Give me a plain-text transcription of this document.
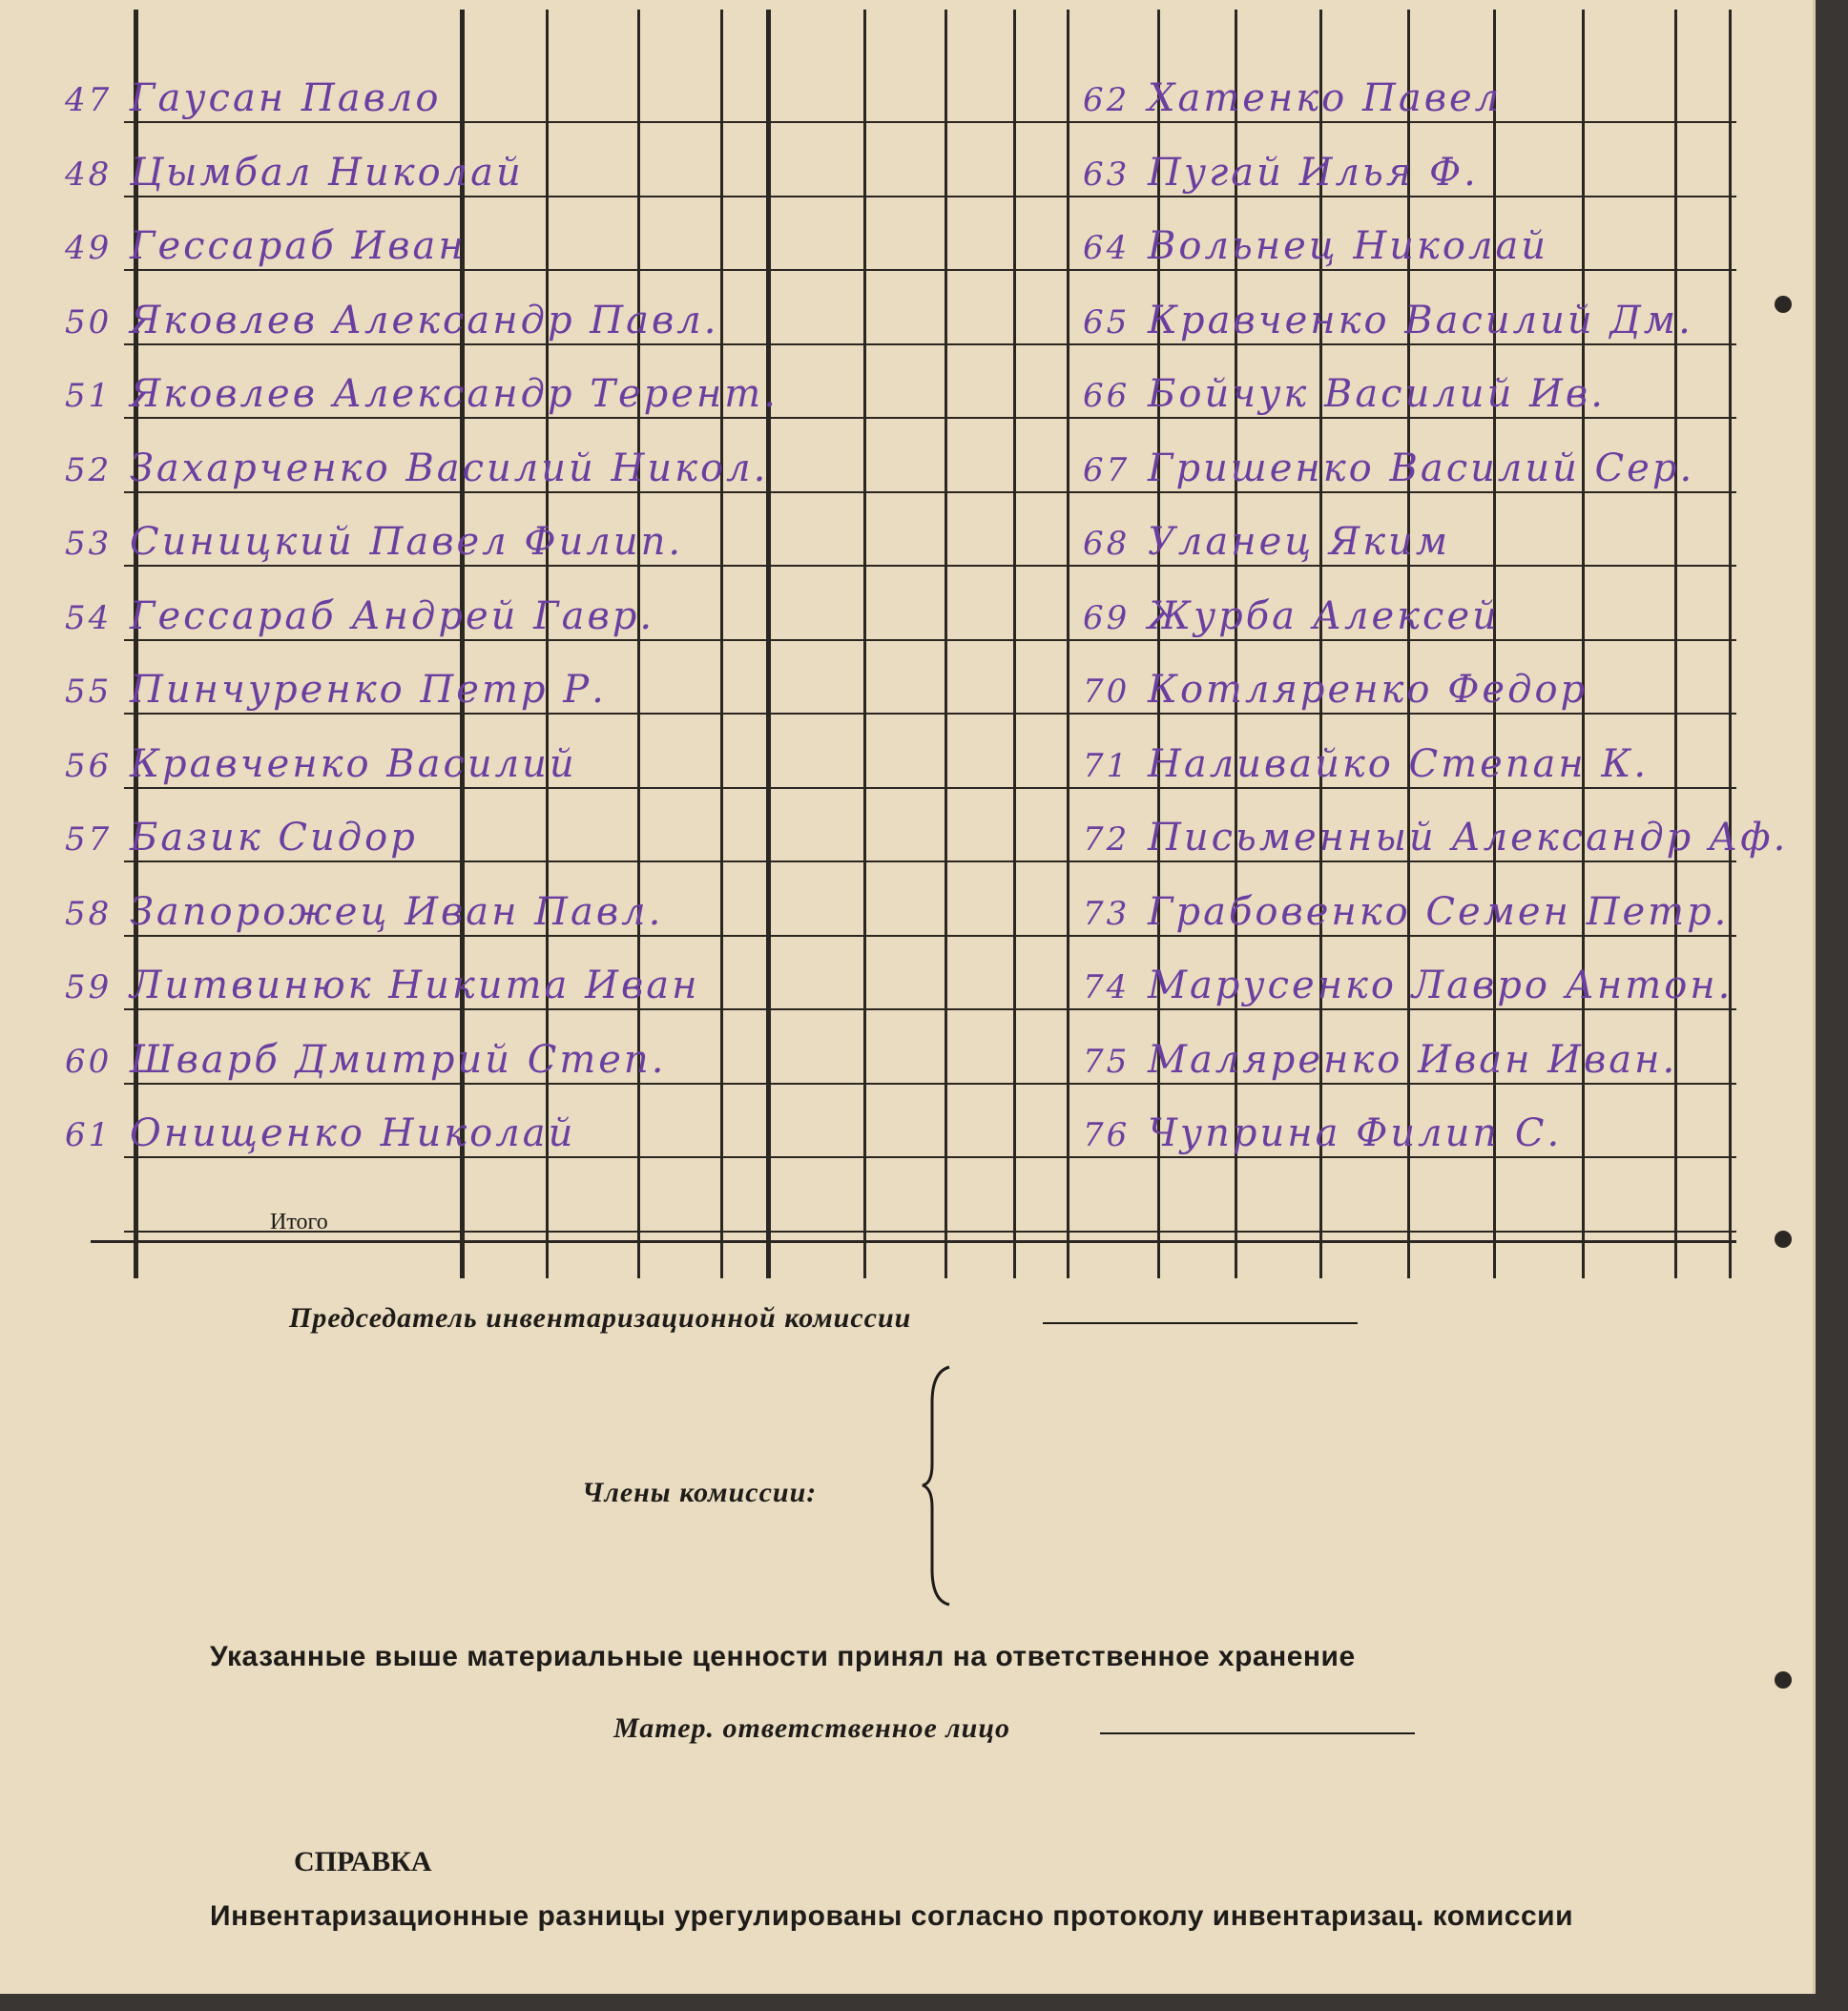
47 Гаусан Павло
48 Цымбал Николай
49 Гессараб Иван
50 Яковлев Александр Павл.
51 Яковлев Александр Терент.
52 Захарченко Василий Никол.
53 Синицкий Павел Филип.
54 Гессараб Андрей Гавр.
55 Пинчуренко Петр Р.
56 Кравченко Василий
57 Базик Сидор
58 Запорожец Иван Павл.
59 Литвинюк Никита Иван
60 Шварб Дмитрий Степ.
61 Онищенко Николай
62 Хатенко Павел
63 Пугай Илья Ф.
64 Вольнец Николай
65 Кравченко Василий Дм.
66 Бойчук Василий Ив.
67 Гришенко Василий Сер.
68 Уланец Яким
69 Журба Алексей
70 Котляренко Федор
71 Наливайко Степан К.
72 Письменный Александр Аф.
73 Грабовенко Семен Петр.
74 Марусенко Лавро Антон.
75 Маляренко Иван Иван.
76 Чуприна Филип С.
Итого
Председатель инвентаризационной комиссии
Члены комиссии:
Указанные выше материальные ценности принял на ответственное хранение
Матер. ответственное лицо
СПРАВКА
Инвентаризационные разницы урегулированы согласно протоколу инвентаризац. комиссии
